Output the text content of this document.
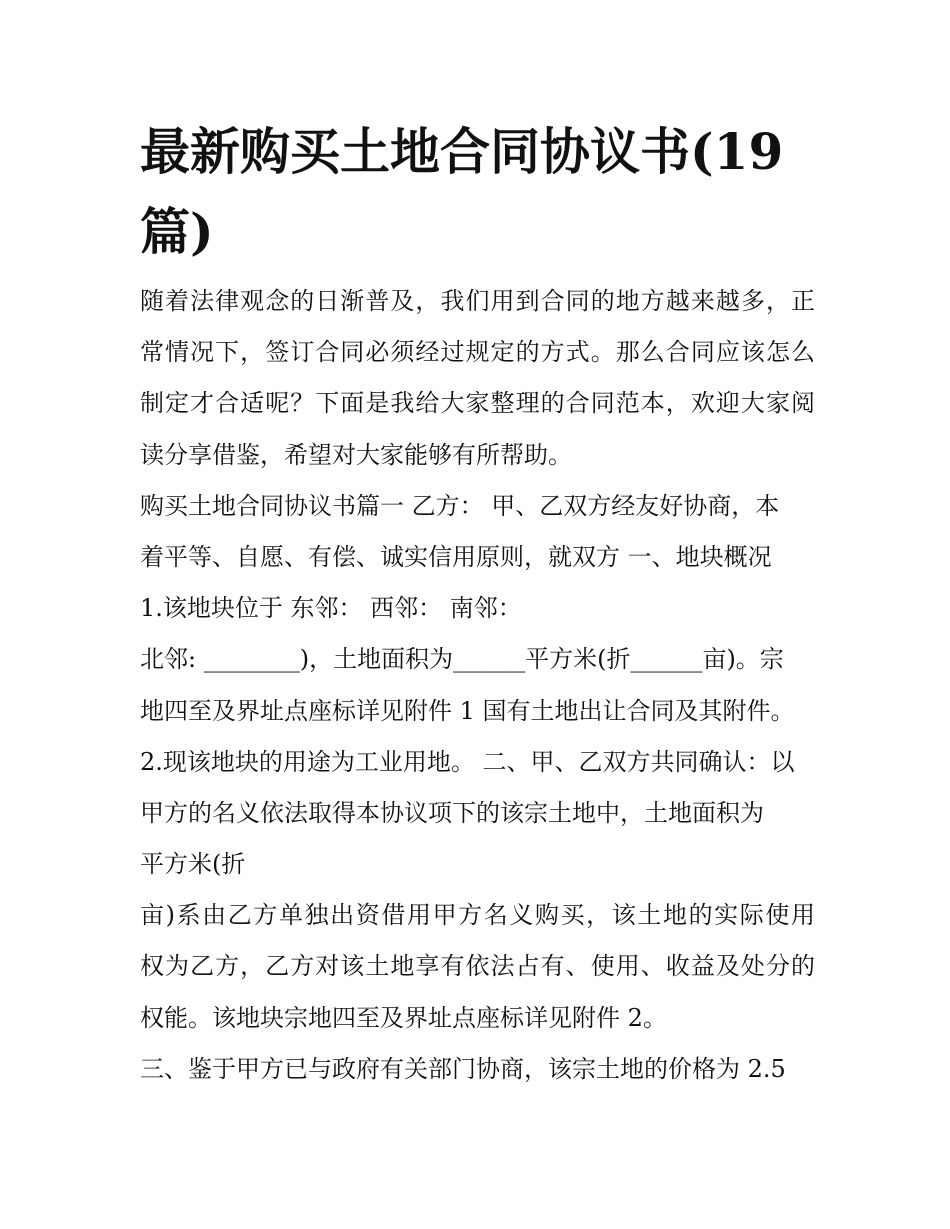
最新购买土地合同协议书(19
篇)
随着法律观念的日渐普及，我们用到合同的地方越来越多，正
常情况下，签订合同必须经过规定的方式。那么合同应该怎么
制定才合适呢？下面是我给大家整理的合同范本，欢迎大家阅
读分享借鉴，希望对大家能够有所帮助。
购买土地合同协议书篇一 乙方： 甲、乙双方经友好协商，本
着平等、自愿、有偿、诚实信用原则，就双方 一、地块概况
1.该地块位于 东邻： 西邻： 南邻：
北邻: ________)，土地面积为______平方米(折______亩)。宗
地四至及界址点座标详见附件 1 国有土地出让合同及其附件。
2.现该地块的用途为工业用地。 二、甲、乙双方共同确认：以
甲方的名义依法取得本协议项下的该宗土地中，土地面积为
平方米(折
亩)系由乙方单独出资借用甲方名义购买，该土地的实际使用
权为乙方，乙方对该土地享有依法占有、使用、收益及处分的
权能。该地块宗地四至及界址点座标详见附件 2。
三、鉴于甲方已与政府有关部门协商，该宗土地的价格为 2.5
